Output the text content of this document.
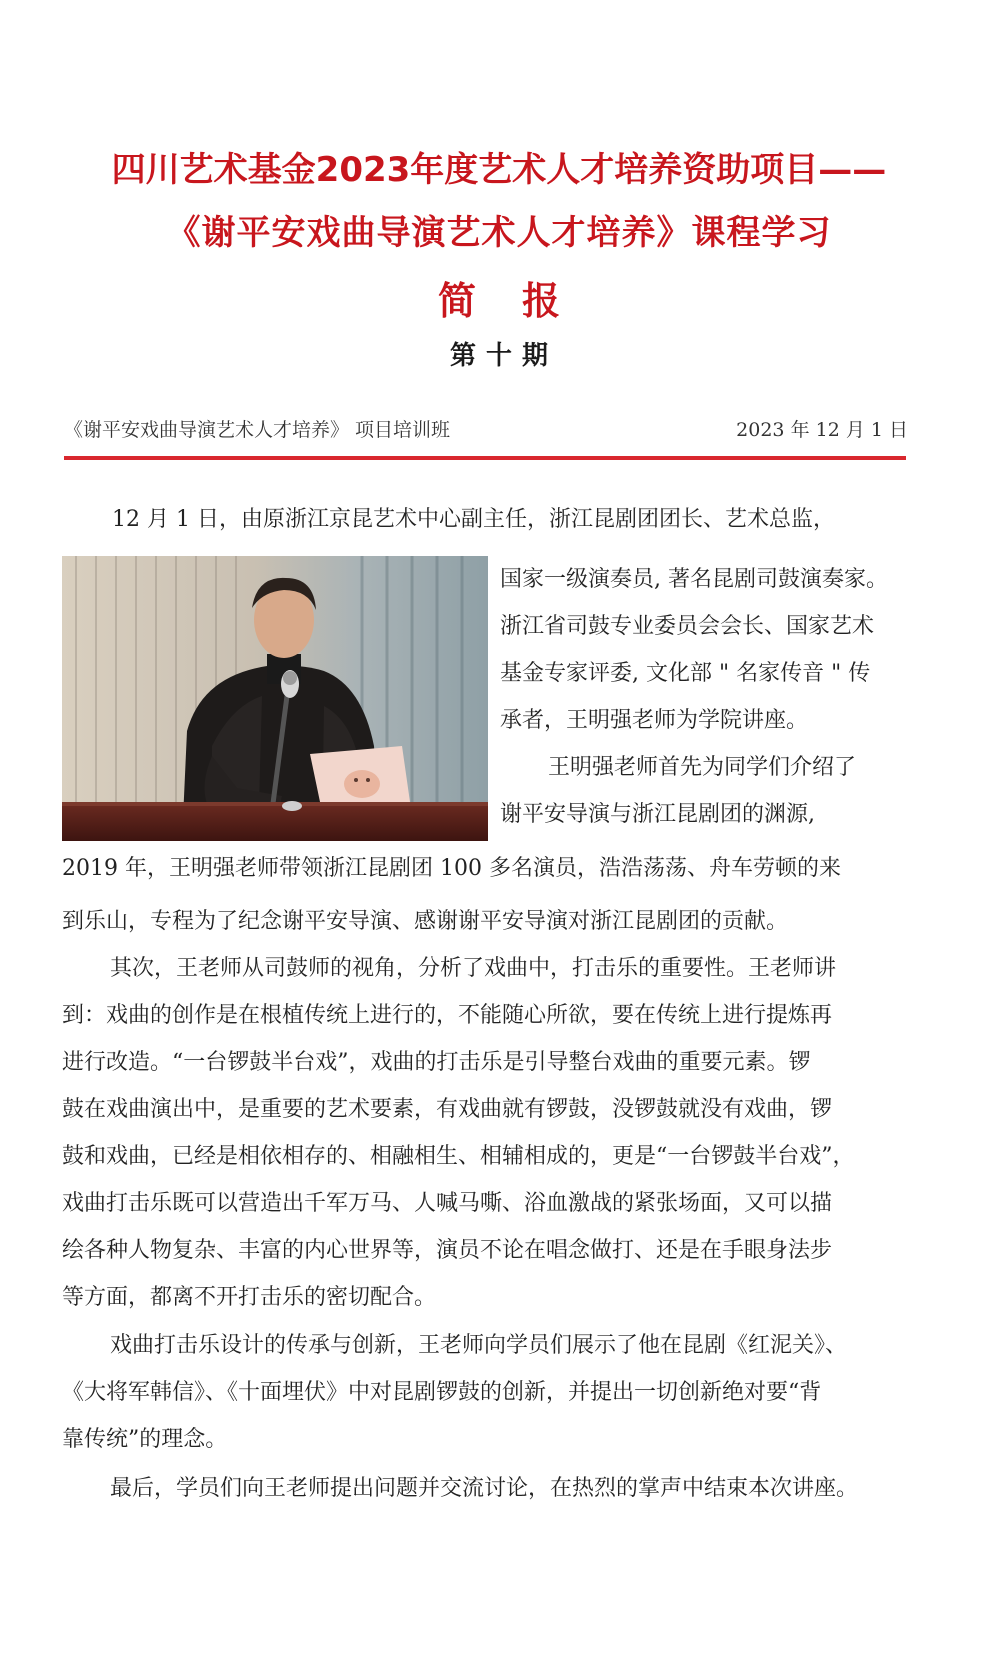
四川艺术基金2023年度艺术人才培养资助项目——
《谢平安戏曲导演艺术人才培养》课程学习
简报
第十期
《谢平安戏曲导演艺术人才培养》 项目培训班	2023 年 12 月 1 日
12 月 1 日，由原浙江京昆艺术中心副主任，浙江昆剧团团长、艺术总监，
国家一级演奏员, 著名昆剧司鼓演奏家。
浙江省司鼓专业委员会会长、国家艺术
基金专家评委, 文化部 " 名家传音 " 传
承者，王明强老师为学院讲座。
王明强老师首先为同学们介绍了
谢平安导演与浙江昆剧团的渊源,
2019 年，王明强老师带领浙江昆剧团 100 多名演员，浩浩荡荡、舟车劳顿的来
到乐山，专程为了纪念谢平安导演、感谢谢平安导演对浙江昆剧团的贡献。
其次，王老师从司鼓师的视角，分析了戏曲中，打击乐的重要性。王老师讲
到：戏曲的创作是在根植传统上进行的，不能随心所欲，要在传统上进行提炼再
进行改造。“一台锣鼓半台戏”，戏曲的打击乐是引导整台戏曲的重要元素。锣
鼓在戏曲演出中，是重要的艺术要素，有戏曲就有锣鼓，没锣鼓就没有戏曲，锣
鼓和戏曲，已经是相依相存的、相融相生、相辅相成的，更是“一台锣鼓半台戏”，
戏曲打击乐既可以营造出千军万马、人喊马嘶、浴血激战的紧张场面，又可以描
绘各种人物复杂、丰富的内心世界等，演员不论在唱念做打、还是在手眼身法步
等方面，都离不开打击乐的密切配合。
戏曲打击乐设计的传承与创新，王老师向学员们展示了他在昆剧《红泥关》、
《大将军韩信》、《十面埋伏》中对昆剧锣鼓的创新，并提出一切创新绝对要“背
靠传统”的理念。
最后，学员们向王老师提出问题并交流讨论，在热烈的掌声中结束本次讲座。
